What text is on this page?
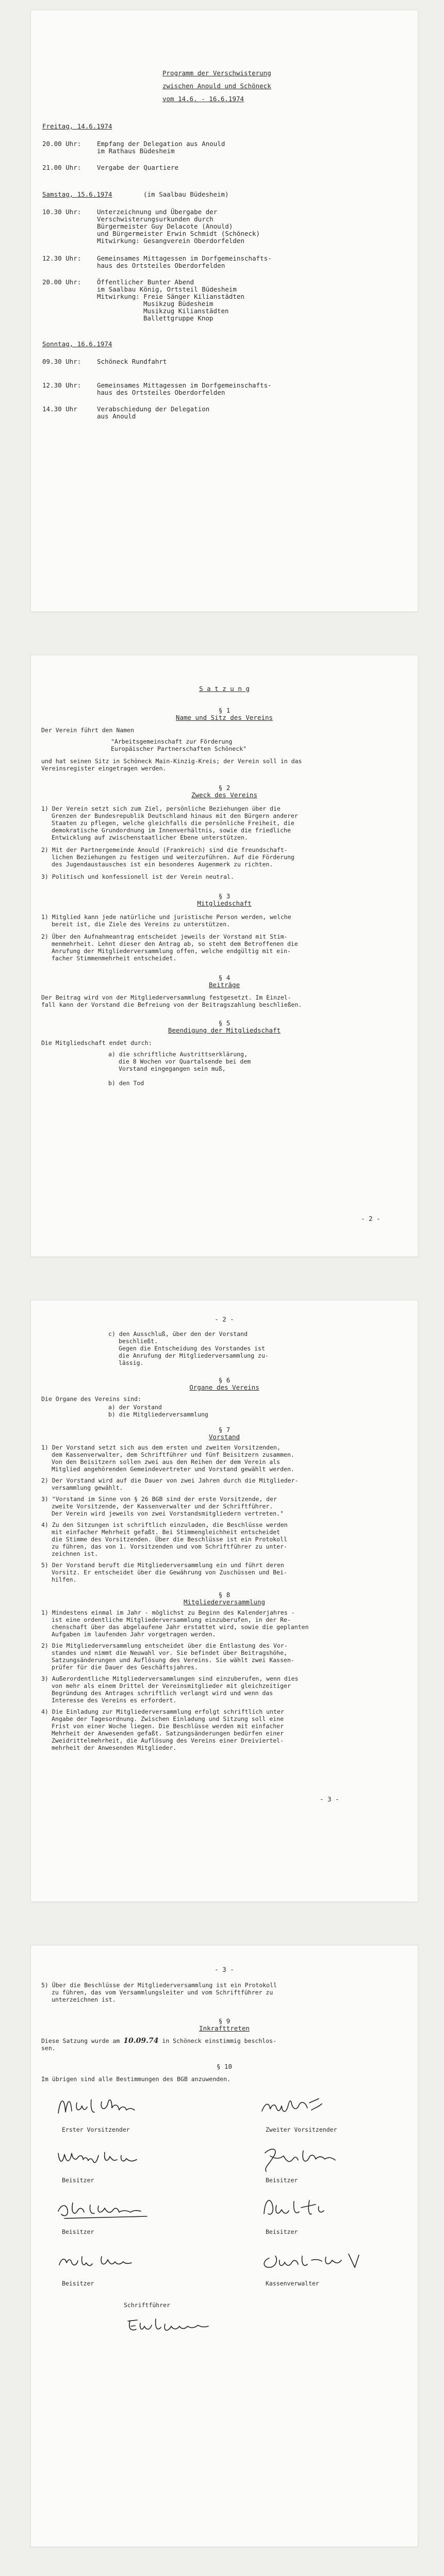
Programm der Verschwisterung
zwischen Anould und Schöneck
vom 14.6. - 16.6.1974
Freitag, 14.6.1974
20.00 Uhr: Empfang der Delegation aus Anould
im Rathaus Büdesheim
21.00 Uhr: Vergabe der Quartiere
Samstag, 15.6.1974	(im Saalbau Büdesheim)
10.30 Uhr: Unterzeichnung und Übergabe der
Verschwisterungsurkunden durch
Bürgermeister Guy Delacote (Anould)
und Bürgermeister Erwin Schmidt (Schöneck)
Mitwirkung: Gesangverein Oberdorfelden
12.30 Uhr: Gemeinsames Mittagessen im Dorfgemeinschafts-
haus des Ortsteiles Oberdorfelden
20.00 Uhr: Öffentlicher Bunter Abend
im Saalbau König, Ortsteil Büdesheim
Mitwirkung: Freie Sänger Kilianstädten
Musikzug Büdesheim
Musikzug Kilianstädten
Ballettgruppe Knop
Sonntag, 16.6.1974
09.30 Uhr: Schöneck Rundfahrt
12.30 Uhr: Gemeinsames Mittagessen im Dorfgemeinschafts-
haus des Ortsteiles Oberdorfelden
14.30 Uhr	Verabschiedung der Delegation
aus Anould
S a t z u n g
§ 1
Name und Sitz des Vereins
Der Verein führt den Namen
"Arbeitsgemeinschaft zur Förderung
Europäischer Partnerschaften Schöneck"
und hat seinen Sitz in Schöneck Main-Kinzig-Kreis; der Verein soll in das
Vereinsregister eingetragen werden.
§ 2
Zweck des Vereins
1) Der Verein setzt sich zum Ziel, persönliche Beziehungen über die
Grenzen der Bundesrepublik Deutschland hinaus mit den Bürgern anderer
Staaten zu pflegen, welche gleichfalls die persönliche Freiheit, die
demokratische Grundordnung im Innenverhältnis, sowie die friedliche
Entwicklung auf zwischenstaatlicher Ebene unterstützen.
2) Mit der Partnergemeinde Anould (Frankreich) sind die freundschaft-
lichen Beziehungen zu festigen und weiterzuführen. Auf die Förderung
des Jugendaustausches ist ein besonderes Augenmerk zu richten.
3) Politisch und konfessionell ist der Verein neutral.
§ 3
Mitgliedschaft
1) Mitglied kann jede natürliche und juristische Person werden, welche
bereit ist, die Ziele des Vereins zu unterstützen.
2) Über den Aufnahmeantrag entscheidet jeweils der Vorstand mit Stim-
menmehrheit. Lehnt dieser den Antrag ab, so steht dem Betroffenen die
Anrufung der Mitgliederversammlung offen, welche endgültig mit ein-
facher Stimmenmehrheit entscheidet.
§ 4
Beiträge
Der Beitrag wird von der Mitgliederversammlung festgesetzt. Im Einzel-
fall kann der Vorstand die Befreiung von der Beitragszahlung beschließen.
§ 5
Beendigung der Mitgliedschaft
Die Mitgliedschaft endet durch:
a) die schriftliche Austrittserklärung,
die 8 Wochen vor Quartalsende bei dem
Vorstand eingegangen sein muß,
b) den Tod
- 2 -
- 2 -
c) den Ausschluß, über den der Vorstand
beschließt.
Gegen die Entscheidung des Vorstandes ist
die Anrufung der Mitgliederversammlung zu-
lässig.
§ 6
Organe des Vereins
Die Organe des Vereins sind:
a) der Vorstand
b) die Mitgliederversammlung
§ 7
Vorstand
1) Der Vorstand setzt sich aus dem ersten und zweiten Vorsitzenden,
dem Kassenverwalter, dem Schriftführer und fünf Beisitzern zusammen.
Von den Beisitzern sollen zwei aus den Reihen der dem Verein als
Mitglied angehörenden Gemeindevertreter und Vorstand gewählt werden.
2) Der Vorstand wird auf die Dauer von zwei Jahren durch die Mitglieder-
versammlung gewählt.
3) "Vorstand im Sinne von § 26 BGB sind der erste Vorsitzende, der
zweite Vorsitzende, der Kassenverwalter und der Schriftführer.
Der Verein wird jeweils von zwei Vorstandsmitgliedern vertreten."
4) Zu den Sitzungen ist schriftlich einzuladen, die Beschlüsse werden
mit einfacher Mehrheit gefaßt. Bei Stimmengleichheit entscheidet
die Stimme des Vorsitzenden. Über die Beschlüsse ist ein Protokoll
zu führen, das von 1. Vorsitzenden und vom Schriftführer zu unter-
zeichnen ist.
5) Der Vorstand beruft die Mitgliederversammlung ein und führt deren
Vorsitz. Er entscheidet über die Gewährung von Zuschüssen und Bei-
hilfen.
§ 8
Mitgliederversammlung
1) Mindestens einmal im Jahr - möglichst zu Beginn des Kalenderjahres -
ist eine ordentliche Mitgliederversammlung einzuberufen, in der Re-
chenschaft über das abgelaufene Jahr erstattet wird, sowie die geplanten
Aufgaben im laufenden Jahr vorgetragen werden.
2) Die Mitgliederversammlung entscheidet über die Entlastung des Vor-
standes und nimmt die Neuwahl vor. Sie befindet über Beitragshöhe,
Satzungsänderungen und Auflösung des Vereins. Sie wählt zwei Kassen-
prüfer für die Dauer des Geschäftsjahres.
3) Außerordentliche Mitgliederversammlungen sind einzuberufen, wenn dies
von mehr als einem Drittel der Vereinsmitglieder mit gleichzeitiger
Begründung des Antrages schriftlich verlangt wird und wenn das
Interesse des Vereins es erfordert.
4) Die Einladung zur Mitgliederversammlung erfolgt schriftlich unter
Angabe der Tagesordnung. Zwischen Einladung und Sitzung soll eine
Frist von einer Woche liegen. Die Beschlüsse werden mit einfacher
Mehrheit der Anwesenden gefaßt. Satzungsänderungen bedürfen einer
Zweidrittelmehrheit, die Auflösung des Vereins einer Dreiviertel-
mehrheit der Anwesenden Mitglieder.
- 3 -
- 3 -
5) Über die Beschlüsse der Mitgliederversammlung ist ein Protokoll
zu führen, das vom Versammlungsleiter und vom Schriftführer zu
unterzeichnen ist.
§ 9
Inkrafttreten
Diese Satzung wurde am 10.09.74 in Schöneck einstimmig beschlos-
sen.
§ 10
Im übrigen sind alle Bestimmungen des BGB anzuwenden.
Erster Vorsitzender	Zweiter Vorsitzender
Beisitzer	Beisitzer
Beisitzer	Beisitzer
Beisitzer	Kassenverwalter
Schriftführer
